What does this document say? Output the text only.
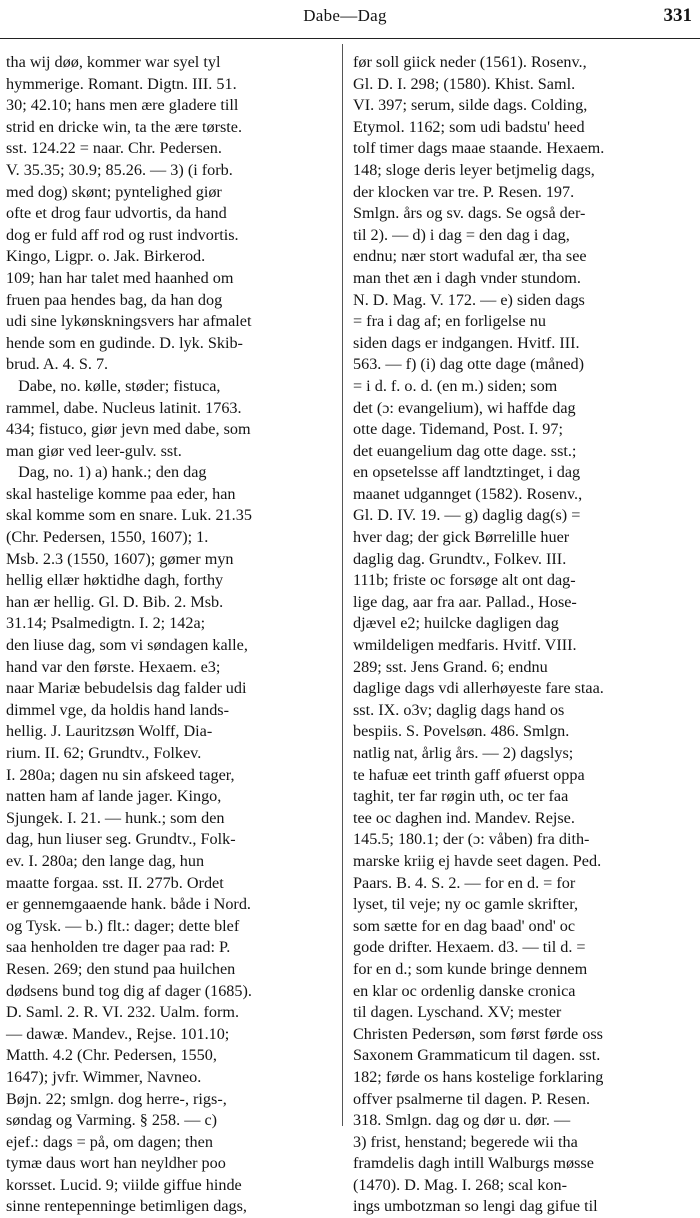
Dabe—Dag	331
tha wij døø, kommer war syel tyl
hymmerige. Romant. Digtn. III. 51.
30; 42.10; hans men ære gladere till
strid en dricke win, ta the ære tørste.
sst. 124.22 = naar. Chr. Pedersen.
V. 35.35; 30.9; 85.26. — 3) (i forb.
med dog) skønt; pyntelighed giør
ofte et drog faur udvortis, da hand
dog er fuld aff rod og rust indvortis.
Kingo, Ligpr. o. Jak. Birkerod.
109; han har talet med haanhed om
fruen paa hendes bag, da han dog
udi sine lykønskningsvers har afmalet
hende som en gudinde. D. lyk. Skib-
brud. A. 4. S. 7.
Dabe, no. kølle, støder; fistuca,
rammel, dabe. Nucleus latinit. 1763.
434; fistuco, giør jevn med dabe, som
man giør ved leer-gulv. sst.
Dag, no. 1) a) hank.; den dag
skal hastelige komme paa eder, han
skal komme som en snare. Luk. 21.35
(Chr. Pedersen, 1550, 1607); 1.
Msb. 2.3 (1550, 1607); gømer myn
hellig ellær høktidhe dagh, forthy
han ær hellig. Gl. D. Bib. 2. Msb.
31.14; Psalmedigtn. I. 2; 142a;
den liuse dag, som vi søndagen kalle,
hand var den første. Hexaem. e3;
naar Mariæ bebudelsis dag falder udi
dimmel vge, da holdis hand lands-
hellig. J. Lauritzsøn Wolff, Dia-
rium. II. 62; Grundtv., Folkev.
I. 280a; dagen nu sin afskeed tager,
natten ham af lande jager. Kingo,
Sjungek. I. 21. — hunk.; som den
dag, hun liuser seg. Grundtv., Folk-
ev. I. 280a; den lange dag, hun
maatte forgaa. sst. II. 277b. Ordet
er gennemgaaende hank. både i Nord.
og Tysk. — b.) flt.: dager; dette blef
saa henholden tre dager paa rad: P.
Resen. 269; den stund paa huilchen
dødsens bund tog dig af dager (1685).
D. Saml. 2. R. VI. 232. Ualm. form.
— dawæ. Mandev., Rejse. 101.10;
Matth. 4.2 (Chr. Pedersen, 1550,
1647); jvfr. Wimmer, Navneo.
Bøjn. 22; smlgn. dog herre-, rigs-,
søndag og Varming. § 258. — c)
ejef.: dags = på, om dagen; then
tymæ daus wort han neyldher poo
korsset. Lucid. 9; viilde giffue hinde
sinne rentepenninge betimligen dags,
før soll giick neder (1561). Rosenv.,
Gl. D. I. 298; (1580). Khist. Saml.
VI. 397; serum, silde dags. Colding,
Etymol. 1162; som udi badstu' heed
tolf timer dags maae staande. Hexaem.
148; sloge deris leyer betjmelig dags,
der klocken var tre. P. Resen. 197.
Smlgn. års og sv. dags. Se også der-
til 2). — d) i dag = den dag i dag,
endnu; nær stort wadufal ær, tha see
man thet æn i dagh vnder stundom.
N. D. Mag. V. 172. — e) siden dags
= fra i dag af; en forligelse nu
siden dags er indgangen. Hvitf. III.
563. — f) (i) dag otte dage (måned)
= i d. f. o. d. (en m.) siden; som
det (ɔ: evangelium), wi haffde dag
otte dage. Tidemand, Post. I. 97;
det euangelium dag otte dage. sst.;
en opsetelsse aff landtztinget, i dag
maanet udgannget (1582). Rosenv.,
Gl. D. IV. 19. — g) daglig dag(s) =
hver dag; der gick Børrelille huer
daglig dag. Grundtv., Folkev. III.
111b; friste oc forsøge alt ont dag-
lige dag, aar fra aar. Pallad., Hose-
djævel e2; huilcke dagligen dag
wmildeligen medfaris. Hvitf. VIII.
289; sst. Jens Grand. 6; endnu
daglige dags vdi allerhøyeste fare staa.
sst. IX. o3v; daglig dags hand os
bespiis. S. Povelsøn. 486. Smlgn.
natlig nat, årlig års. — 2) dagslys;
te hafuæ eet trinth gaff øfuerst oppa
taghit, ter far røgin uth, oc ter faa
tee oc daghen ind. Mandev. Rejse.
145.5; 180.1; der (ɔ: våben) fra dith-
marske kriig ej havde seet dagen. Ped.
Paars. B. 4. S. 2. — for en d. = for
lyset, til veje; ny oc gamle skrifter,
som sætte for en dag baad' ond' oc
gode drifter. Hexaem. d3. — til d. =
for en d.; som kunde bringe dennem
en klar oc ordenlig danske cronica
til dagen. Lyschand. XV; mester
Christen Pedersøn, som først førde oss
Saxonem Grammaticum til dagen. sst.
182; førde os hans kostelige forklaring
offver psalmerne til dagen. P. Resen.
318. Smlgn. dag og dør u. dør. —
3) frist, henstand; begerede wii tha
framdelis dagh intill Walburgs møsse
(1470). D. Mag. I. 268; scal kon-
ings umbotzman so lengi dag gifue til
